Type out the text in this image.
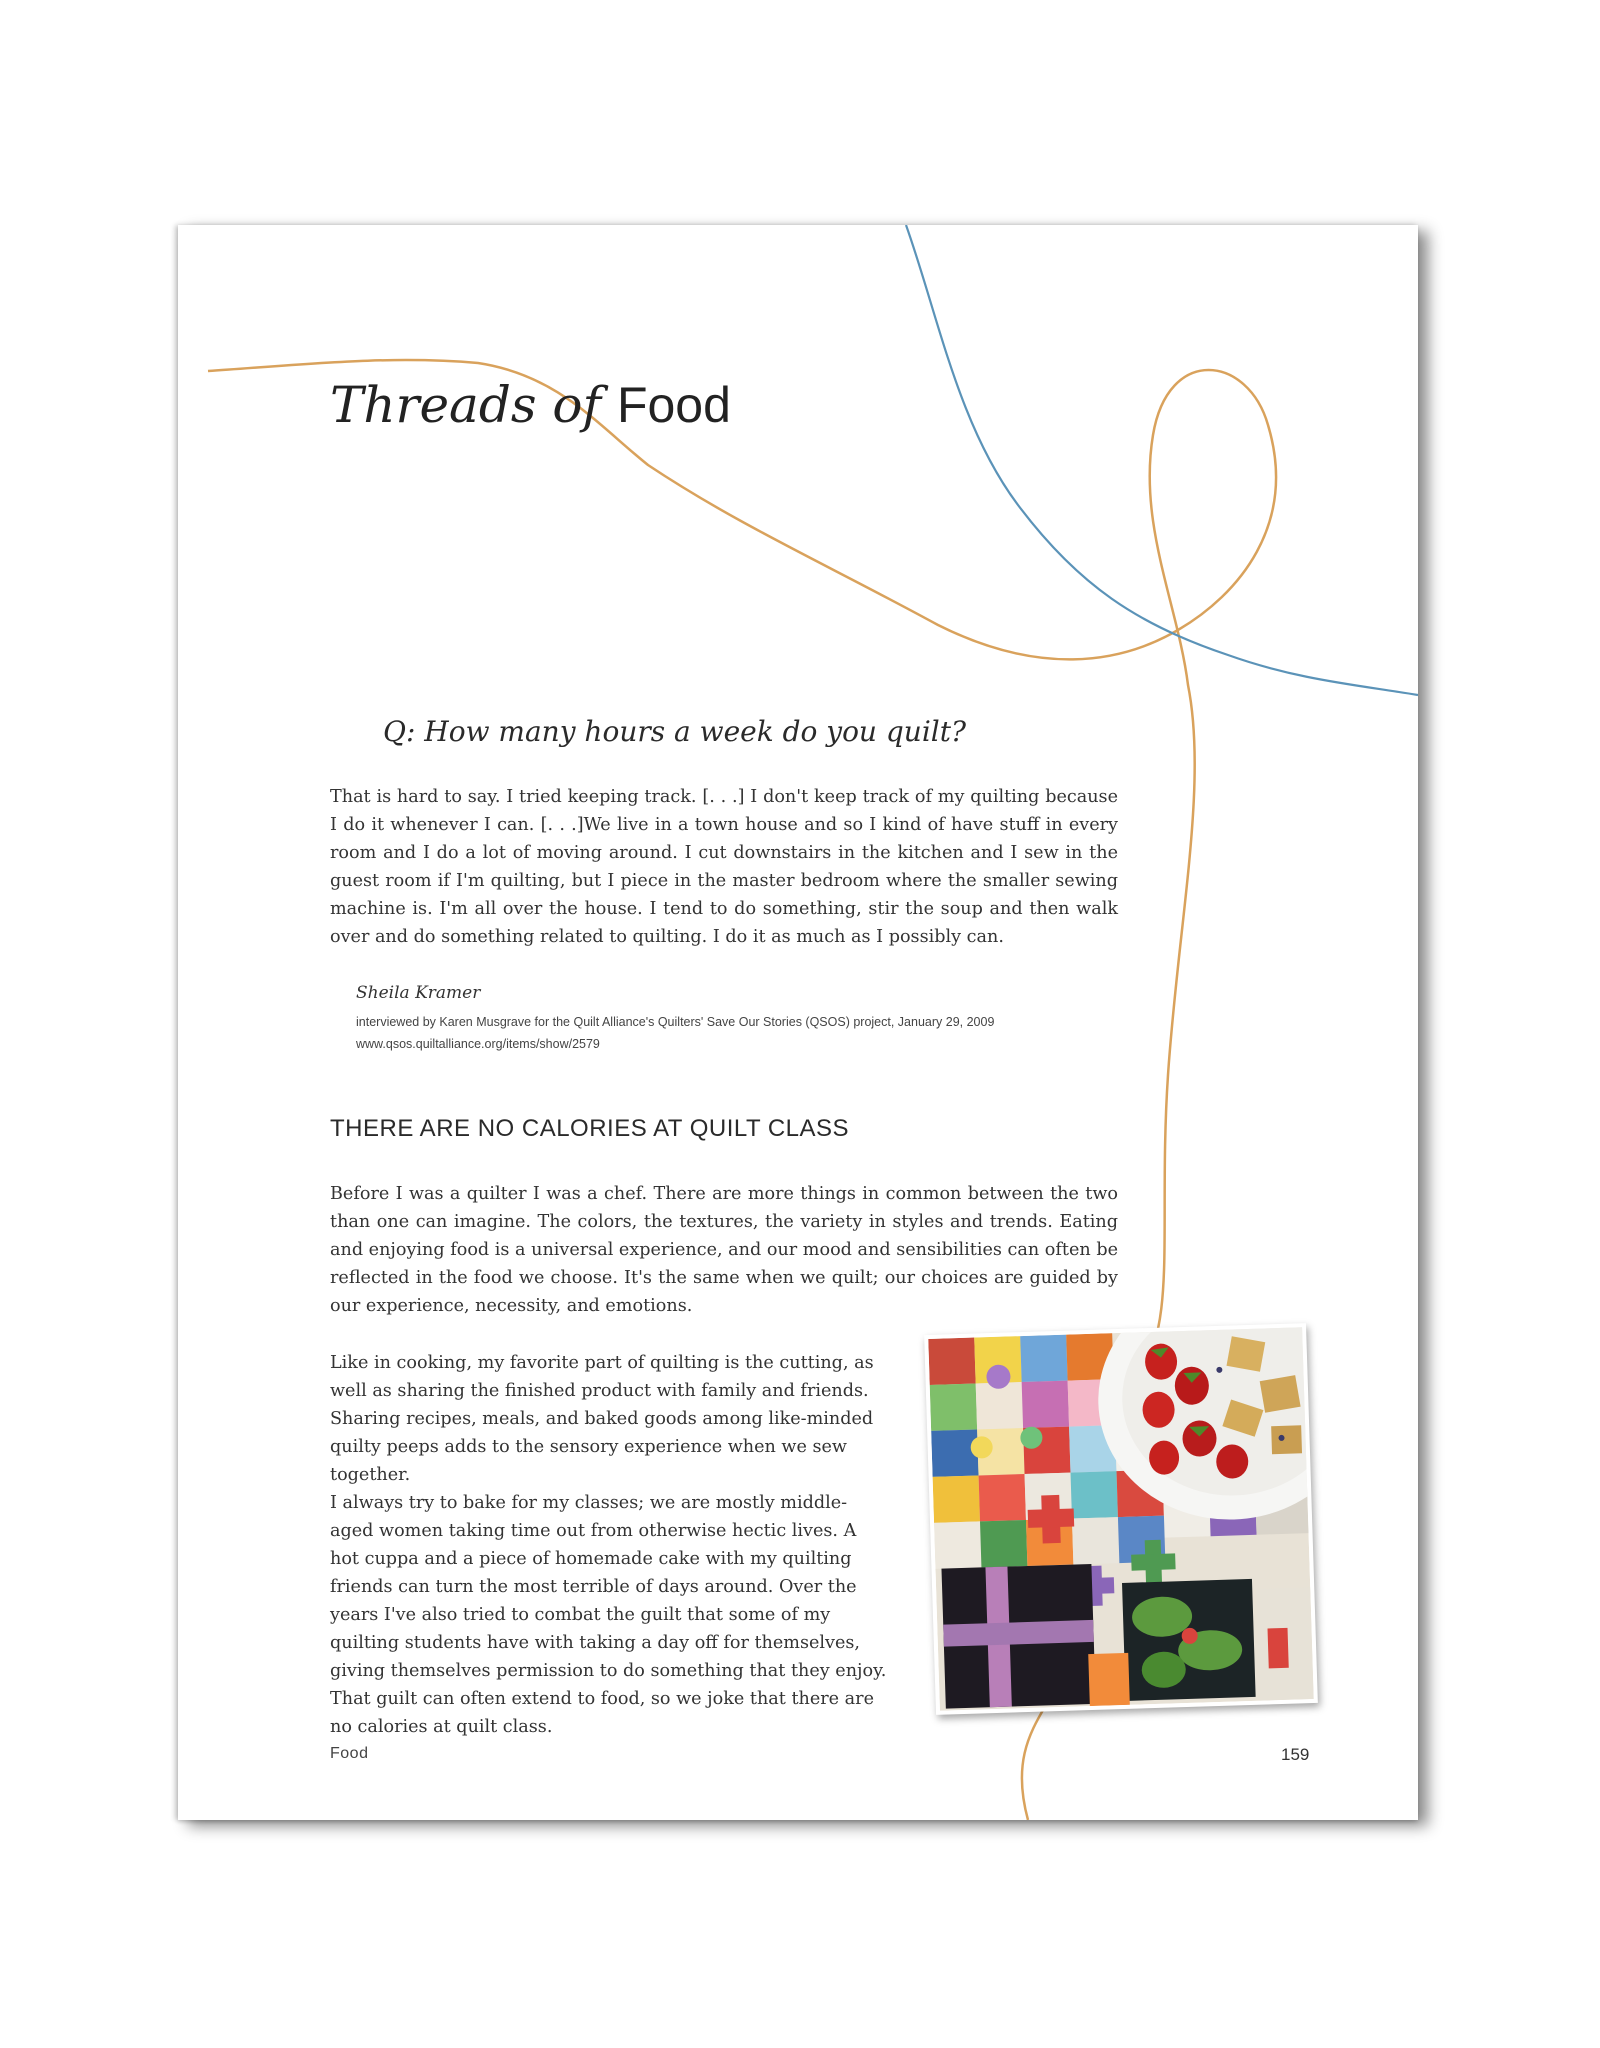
Threads of Food
Q: How many hours a week do you quilt?

That is hard to say. I tried keeping track. [. . .] I don't keep track of my quilting because I do it whenever I can. [. . .]We live in a town house and so I kind of have stuff in every room and I do a lot of moving around. I cut downstairs in the kitchen and I sew in the guest room if I'm quilting, but I piece in the master bedroom where the smaller sewing machine is. I'm all over the house. I tend to do something, stir the soup and then walk over and do something related to quilting. I do it as much as I possibly can.

Sheila Kramer
interviewed by Karen Musgrave for the Quilt Alliance's Quilters' Save Our Stories (QSOS) project, January 29, 2009
www.qsos.quiltalliance.org/items/show/2579
THERE ARE NO CALORIES AT QUILT CLASS

Before I was a quilter I was a chef. There are more things in common between the two than one can imagine. The colors, the textures, the variety in styles and trends. Eating and enjoying food is a universal experience, and our mood and sensibilities can often be reflected in the food we choose. It's the same when we quilt; our choices are guided by our experience, necessity, and emotions.

Like in cooking, my favorite part of quilting is the cutting, as well as sharing the finished product with family and friends. Sharing recipes, meals, and baked goods among like-minded quilty peeps adds to the sensory experience when we sew together.

I always try to bake for my classes; we are mostly middle-aged women taking time out from otherwise hectic lives. A hot cuppa and a piece of homemade cake with my quilting friends can turn the most terrible of days around. Over the years I've also tried to combat the guilt that some of my quilting students have with taking a day off for themselves, giving themselves permission to do something that they enjoy. That guilt can often extend to food, so we joke that there are no calories at quilt class.

Food	159
